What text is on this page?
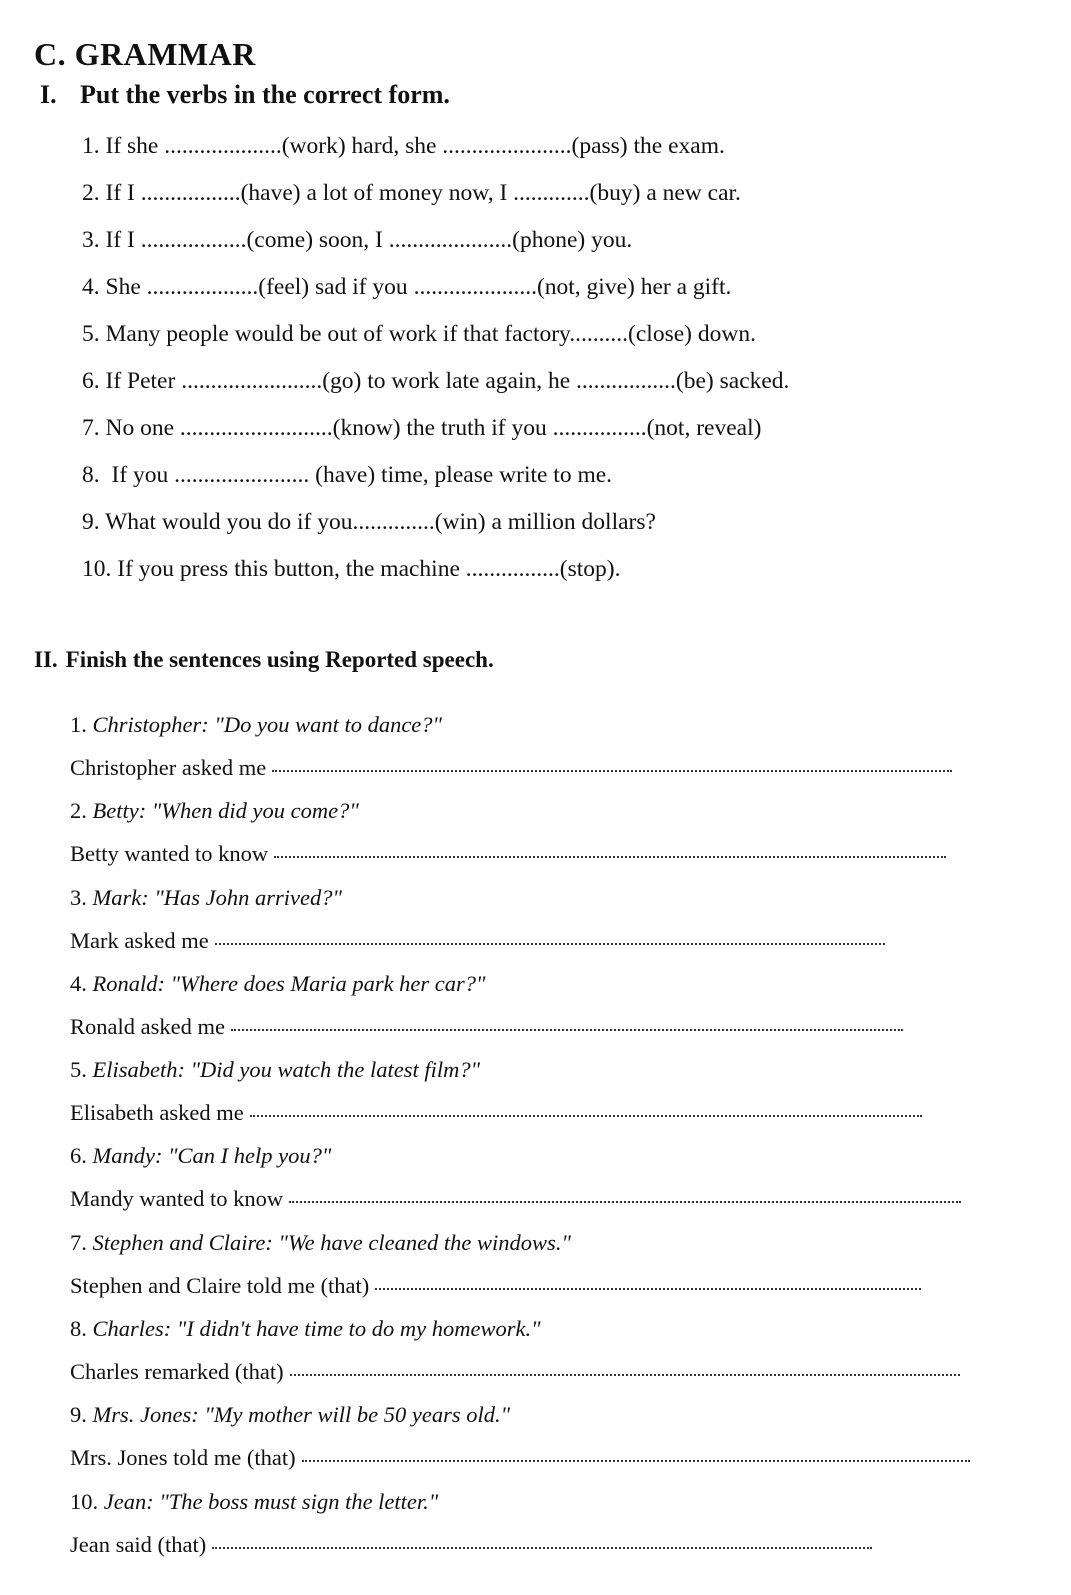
C. GRAMMAR
I. Put the verbs in the correct form.
1. If she ....................(work) hard, she ......................(pass) the exam.
2. If I .................(have) a lot of money now, I .............(buy) a new car.
3. If I ..................(come) soon, I .....................(phone) you.
4. She ...................(feel) sad if you .....................(not, give) her a gift.
5. Many people would be out of work if that factory..........(close) down.
6. If Peter ........................(go) to work late again, he .................(be) sacked.
7. No one ..........................(know) the truth if you ................(not, reveal)
8. If you ....................... (have) time, please write to me.
9. What would you do if you..............(win) a million dollars?
10. If you press this button, the machine ................(stop).
II. Finish the sentences using Reported speech.
1. Christopher: "Do you want to dance?"
Christopher asked me
2. Betty: "When did you come?"
Betty wanted to know
3. Mark: "Has John arrived?"
Mark asked me
4. Ronald: "Where does Maria park her car?"
Ronald asked me
5. Elisabeth: "Did you watch the latest film?"
Elisabeth asked me
6. Mandy: "Can I help you?"
Mandy wanted to know
7. Stephen and Claire: "We have cleaned the windows."
Stephen and Claire told me (that)
8. Charles: "I didn't have time to do my homework."
Charles remarked (that)
9. Mrs. Jones: "My mother will be 50 years old."
Mrs. Jones told me (that)
10. Jean: "The boss must sign the letter."
Jean said (that)
